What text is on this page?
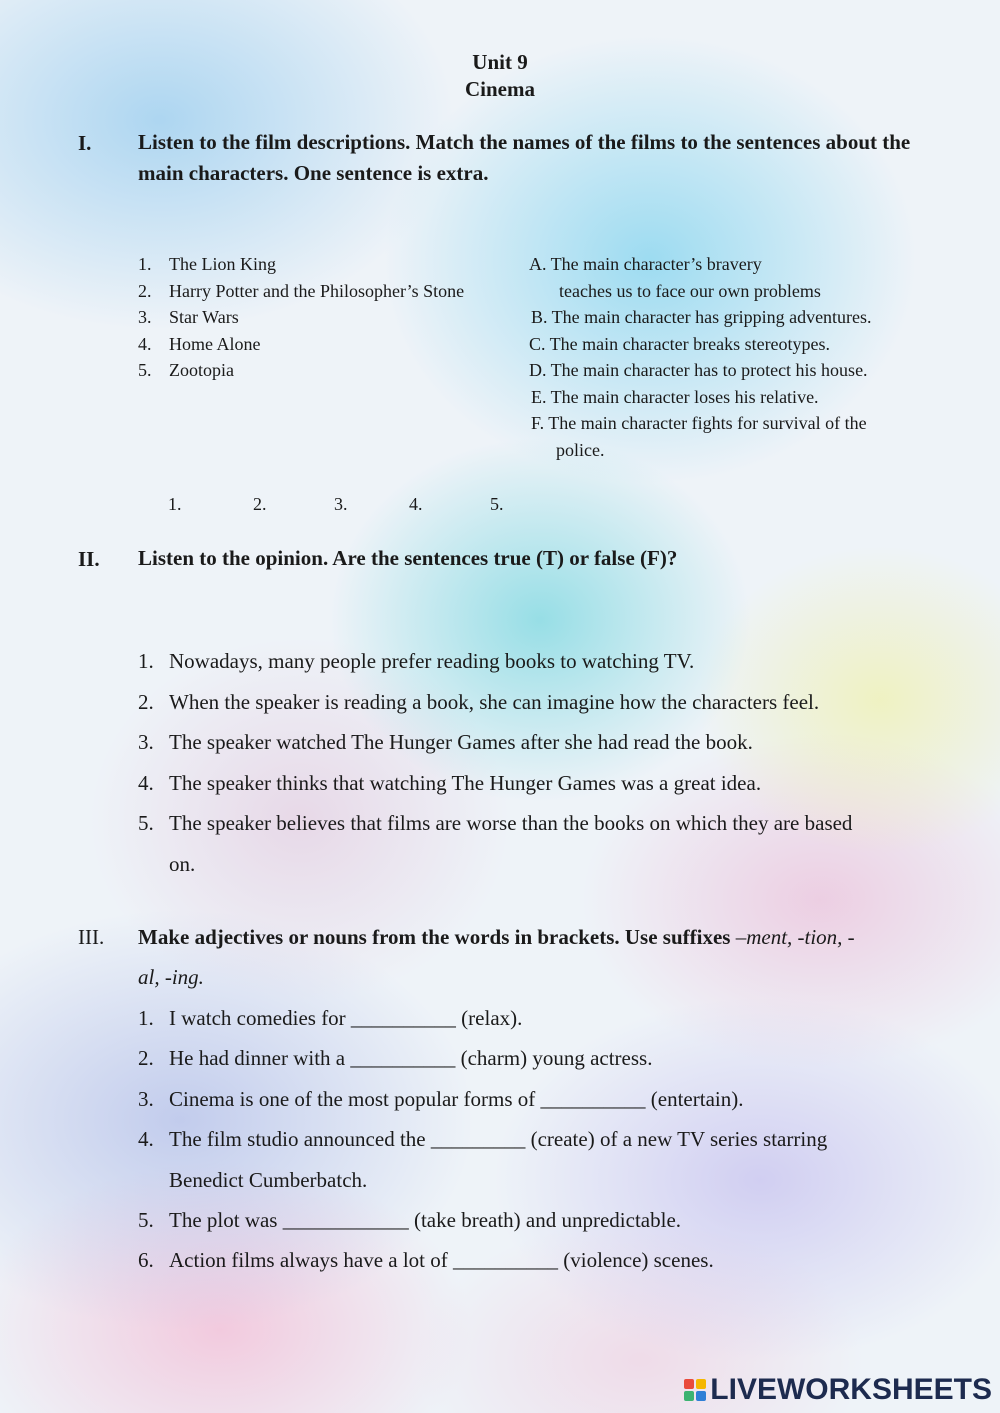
Unit 9
Cinema
I. Listen to the film descriptions. Match the names of the films to the sentences about the main characters. One sentence is extra.
1. The Lion King
2. Harry Potter and the Philosopher’s Stone
3. Star Wars
4. Home Alone
5. Zootopia
A. The main character’s bravery
teaches us to face our own problems
B. The main character has gripping adventures.
C. The main character breaks stereotypes.
D. The main character has to protect his house.
E. The main character loses his relative.
F. The main character fights for survival of the
police.
1.	2.	3.	4.	5.
II. Listen to the opinion. Are the sentences true (T) or false (F)?
1. Nowadays, many people prefer reading books to watching TV.
2. When the speaker is reading a book, she can imagine how the characters feel.
3. The speaker watched The Hunger Games after she had read the book.
4. The speaker thinks that watching The Hunger Games was a great idea.
5. The speaker believes that films are worse than the books on which they are based
on.
III. Make adjectives or nouns from the words in brackets. Use suffixes –ment, -tion, -
al, -ing.
1. I watch comedies for __________ (relax).
2. He had dinner with a __________ (charm) young actress.
3. Cinema is one of the most popular forms of __________ (entertain).
4. The film studio announced the _________ (create) of a new TV series starring
Benedict Cumberbatch.
5. The plot was ____________ (take breath) and unpredictable.
6. Action films always have a lot of __________ (violence) scenes.
LIVEWORKSHEETS
